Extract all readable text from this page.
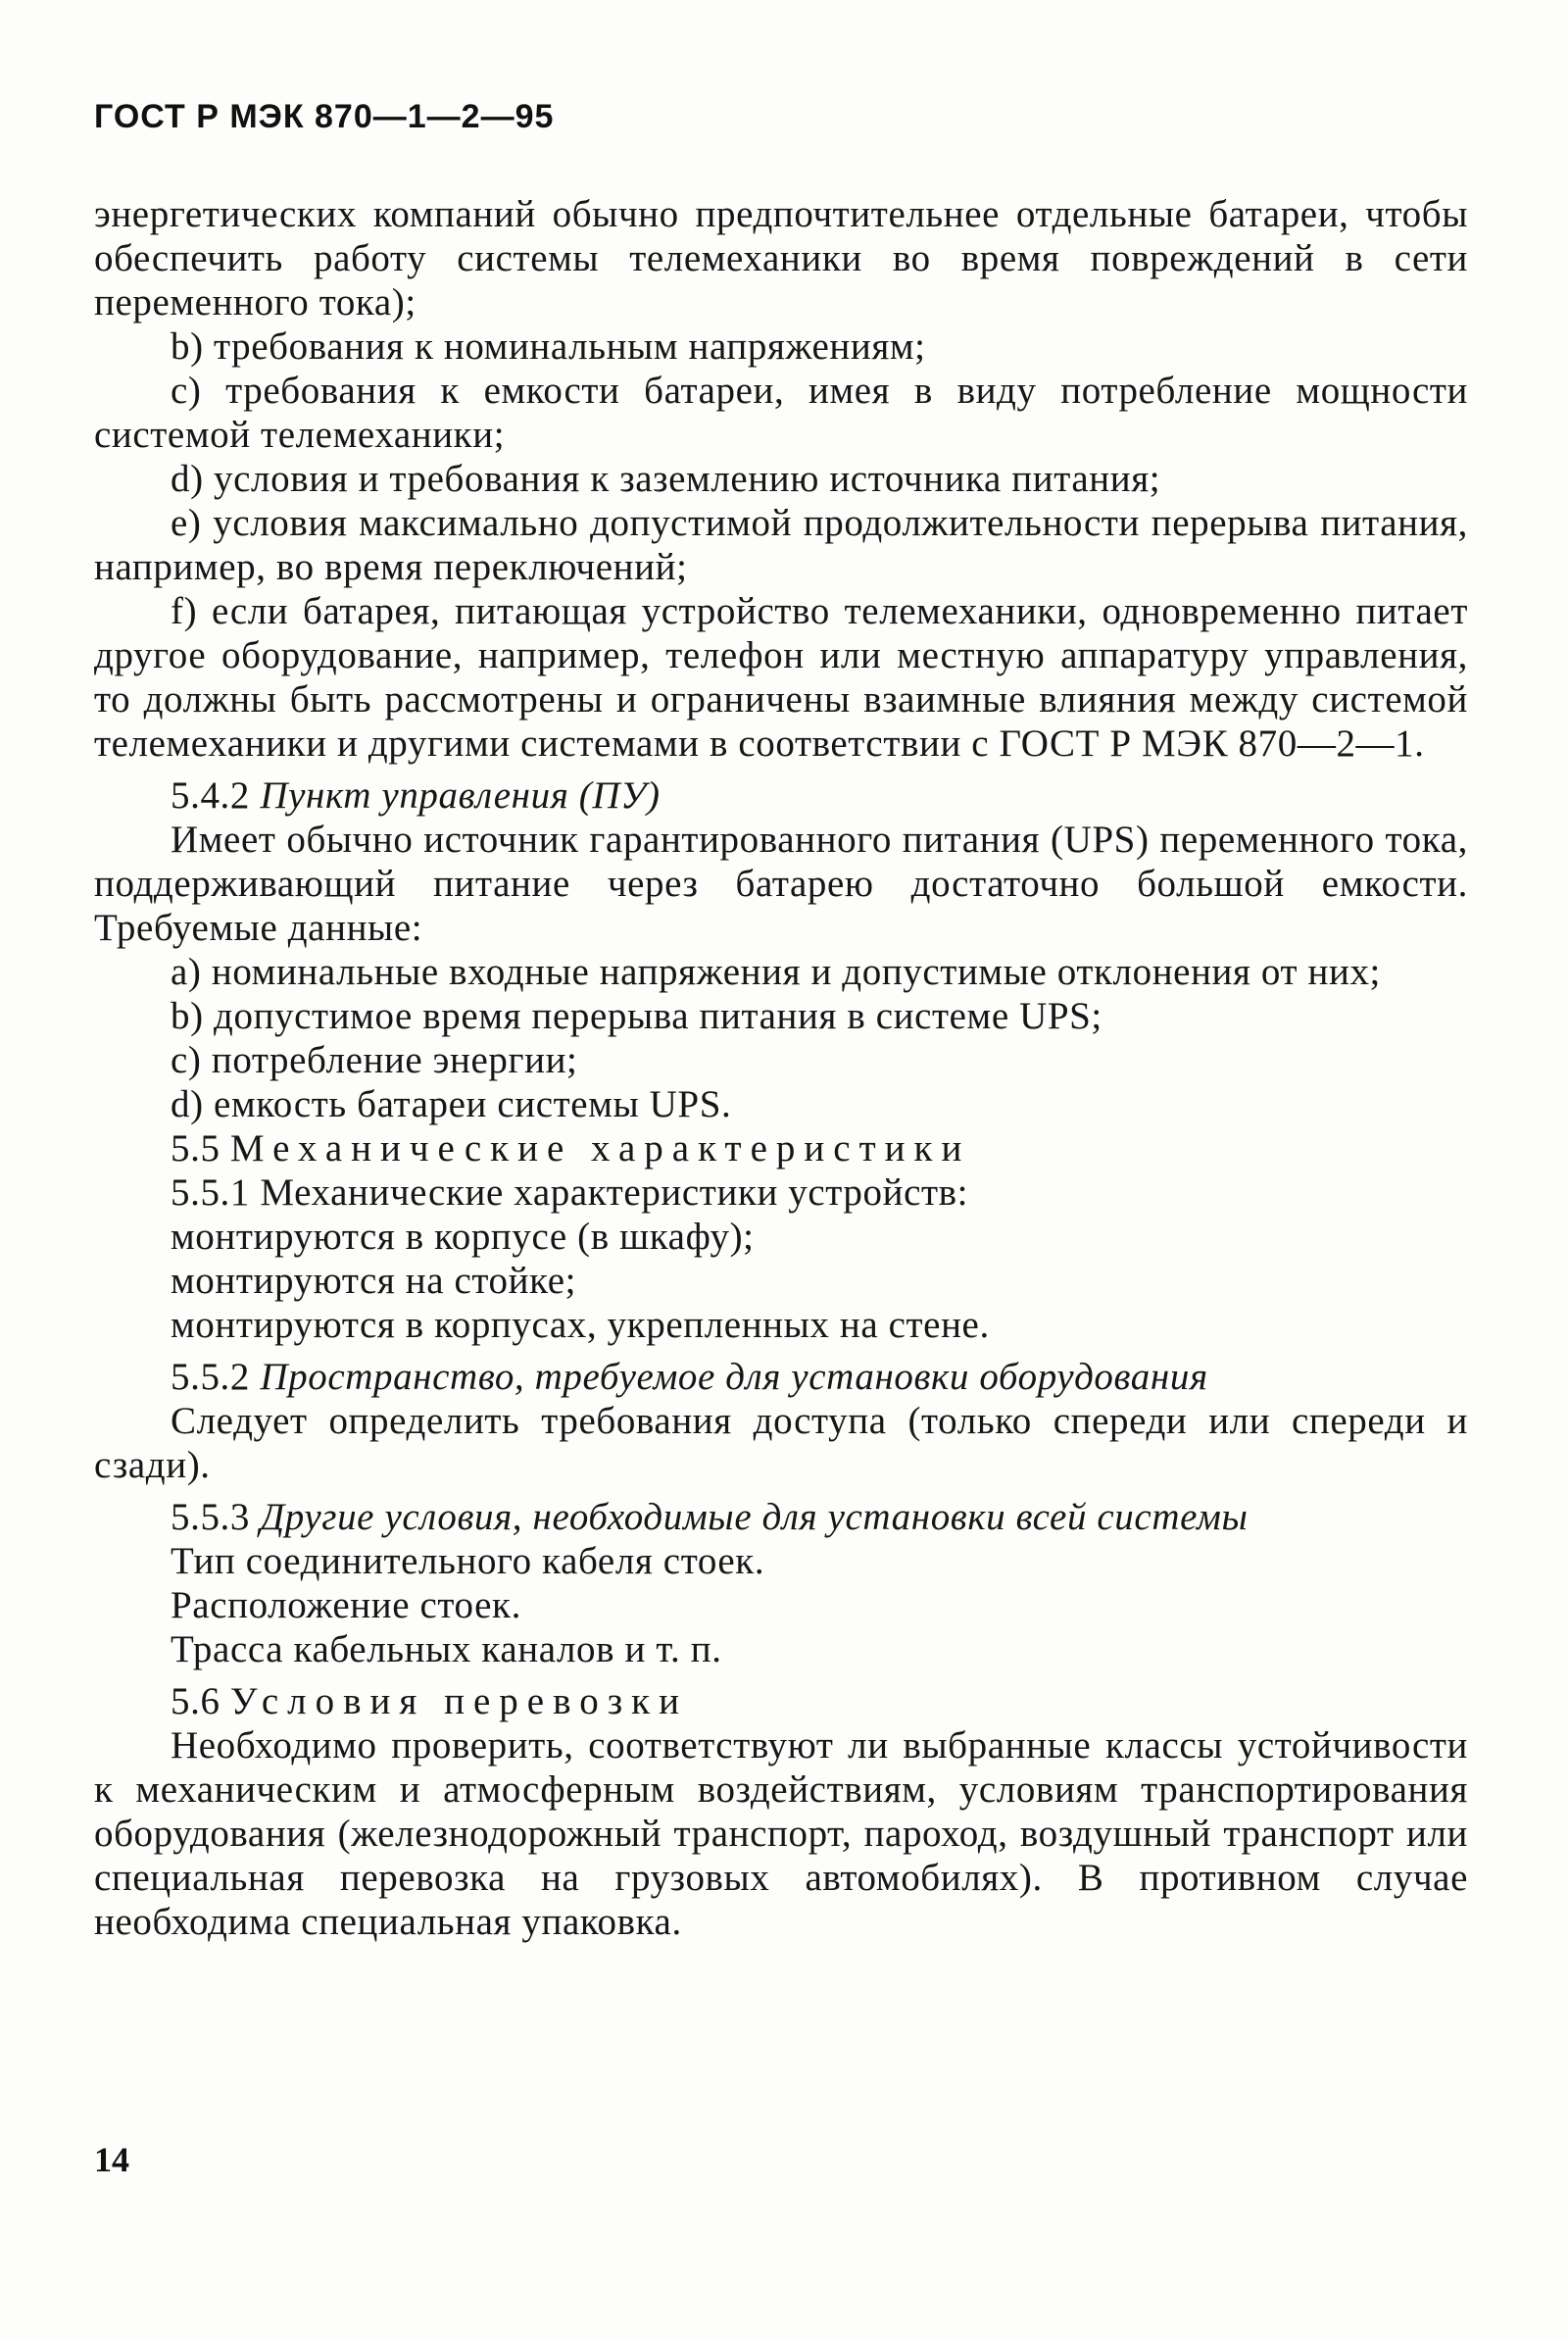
ГОСТ Р МЭК 870—1—2—95

энергетических компаний обычно предпочтительнее отдельные батареи, чтобы обеспечить работу системы телемеханики во время повреждений в сети переменного тока);

b) требования к номинальным напряжениям;

c) требования к емкости батареи, имея в виду потребление мощности системой телемеханики;

d) условия и требования к заземлению источника питания;

e) условия максимально допустимой продолжительности перерыва питания, например, во время переключений;

f) если батарея, питающая устройство телемеханики, одновременно питает другое оборудование, например, телефон или местную аппаратуру управления, то должны быть рассмотрены и ограничены взаимные влияния между системой телемеханики и другими системами в соответствии с ГОСТ Р МЭК 870—2—1.

5.4.2 Пункт управления (ПУ)

Имеет обычно источник гарантированного питания (UPS) переменного тока, поддерживающий питание через батарею достаточно большой емкости. Требуемые данные:

a) номинальные входные напряжения и допустимые отклонения от них;

b) допустимое время перерыва питания в системе UPS;

c) потребление энергии;

d) емкость батареи системы UPS.

5.5 Механические характеристики

5.5.1 Механические характеристики устройств:

монтируются в корпусе (в шкафу);

монтируются на стойке;

монтируются в корпусах, укрепленных на стене.

5.5.2 Пространство, требуемое для установки оборудования

Следует определить требования доступа (только спереди или спереди и сзади).

5.5.3 Другие условия, необходимые для установки всей системы

Тип соединительного кабеля стоек.

Расположение стоек.

Трасса кабельных каналов и т. п.

5.6 Условия перевозки

Необходимо проверить, соответствуют ли выбранные классы устойчивости к механическим и атмосферным воздействиям, условиям транспортирования оборудования (железнодорожный транспорт, пароход, воздушный транспорт или специальная перевозка на грузовых автомобилях). В противном случае необходима специальная упаковка.

14
